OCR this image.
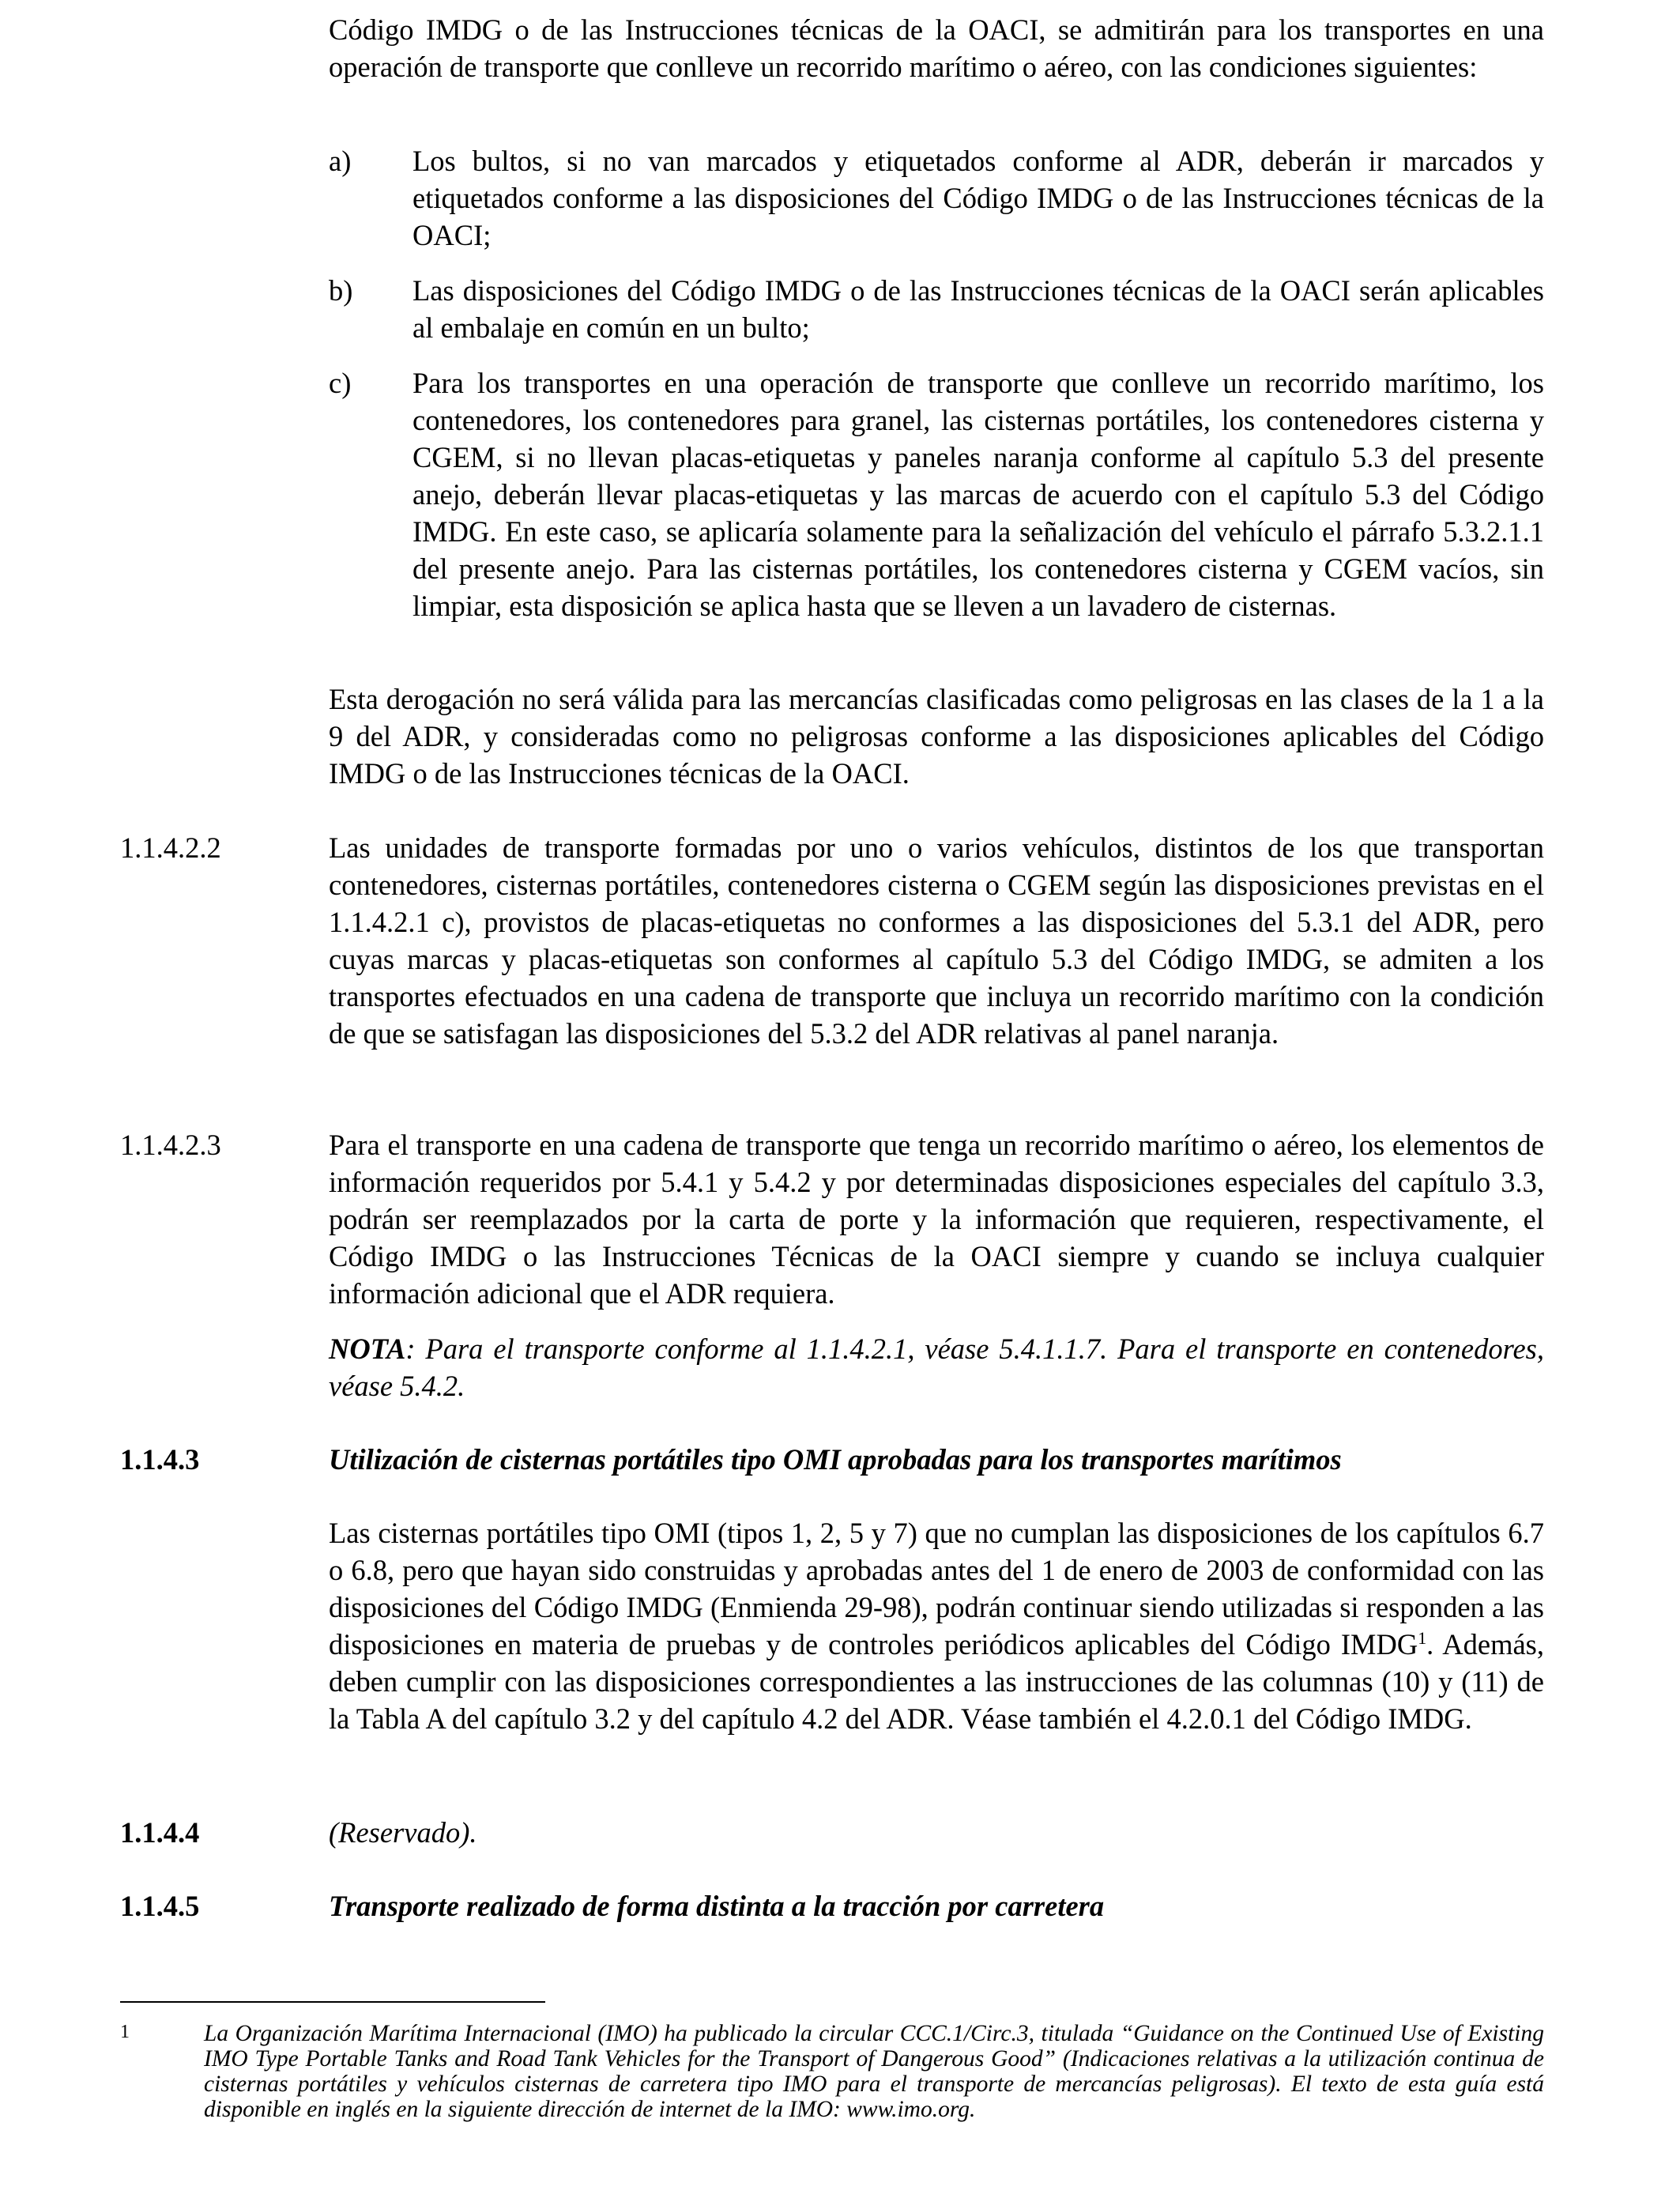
Código IMDG o de las Instrucciones técnicas de la OACI, se admitirán para los transportes en una operación de transporte que conlleve un recorrido marítimo o aéreo, con las condiciones siguientes:

a) Los bultos, si no van marcados y etiquetados conforme al ADR, deberán ir marcados y etiquetados conforme a las disposiciones del Código IMDG o de las Instrucciones técnicas de la OACI;

b) Las disposiciones del Código IMDG o de las Instrucciones técnicas de la OACI serán aplicables al embalaje en común en un bulto;

c) Para los transportes en una operación de transporte que conlleve un recorrido marítimo, los contenedores, los contenedores para granel, las cisternas portátiles, los contenedores cisterna y CGEM, si no llevan placas-etiquetas y paneles naranja conforme al capítulo 5.3 del presente anejo, deberán llevar placas-etiquetas y las marcas de acuerdo con el capítulo 5.3 del Código IMDG. En este caso, se aplicaría solamente para la señalización del vehículo el párrafo 5.3.2.1.1 del presente anejo. Para las cisternas portátiles, los contenedores cisterna y CGEM vacíos, sin limpiar, esta disposición se aplica hasta que se lleven a un lavadero de cisternas.

Esta derogación no será válida para las mercancías clasificadas como peligrosas en las clases de la 1 a la 9 del ADR, y consideradas como no peligrosas conforme a las disposiciones aplicables del Código IMDG o de las Instrucciones técnicas de la OACI.

1.1.4.2.2	Las unidades de transporte formadas por uno o varios vehículos, distintos de los que transportan contenedores, cisternas portátiles, contenedores cisterna o CGEM según las disposiciones previstas en el 1.1.4.2.1 c), provistos de placas-etiquetas no conformes a las disposiciones del 5.3.1 del ADR, pero cuyas marcas y placas-etiquetas son conformes al capítulo 5.3 del Código IMDG, se admiten a los transportes efectuados en una cadena de transporte que incluya un recorrido marítimo con la condición de que se satisfagan las disposiciones del 5.3.2 del ADR relativas al panel naranja.

1.1.4.2.3	Para el transporte en una cadena de transporte que tenga un recorrido marítimo o aéreo, los elementos de información requeridos por 5.4.1 y 5.4.2 y por determinadas disposiciones especiales del capítulo 3.3, podrán ser reemplazados por la carta de porte y la información que requieren, respectivamente, el Código IMDG o las Instrucciones Técnicas de la OACI siempre y cuando se incluya cualquier información adicional que el ADR requiera.

NOTA: Para el transporte conforme al 1.1.4.2.1, véase 5.4.1.1.7. Para el transporte en contenedores, véase 5.4.2.

1.1.4.3	Utilización de cisternas portátiles tipo OMI aprobadas para los transportes marítimos

Las cisternas portátiles tipo OMI (tipos 1, 2, 5 y 7) que no cumplan las disposiciones de los capítulos 6.7 o 6.8, pero que hayan sido construidas y aprobadas antes del 1 de enero de 2003 de conformidad con las disposiciones del Código IMDG (Enmienda 29-98), podrán continuar siendo utilizadas si responden a las disposiciones en materia de pruebas y de controles periódicos aplicables del Código IMDG$^1$. Además, deben cumplir con las disposiciones correspondientes a las instrucciones de las columnas (10) y (11) de la Tabla A del capítulo 3.2 y del capítulo 4.2 del ADR. Véase también el 4.2.0.1 del Código IMDG.

1.1.4.4	(Reservado).

1.1.4.5	Transporte realizado de forma distinta a la tracción por carretera

1	La Organización Marítima Internacional (IMO) ha publicado la circular CCC.1/Circ.3, titulada “Guidance on the Continued Use of Existing IMO Type Portable Tanks and Road Tank Vehicles for the Transport of Dangerous Good” (Indicaciones relativas a la utilización continua de cisternas portátiles y vehículos cisternas de carretera tipo IMO para el transporte de mercancías peligrosas). El texto de esta guía está disponible en inglés en la siguiente dirección de internet de la IMO: www.imo.org.
